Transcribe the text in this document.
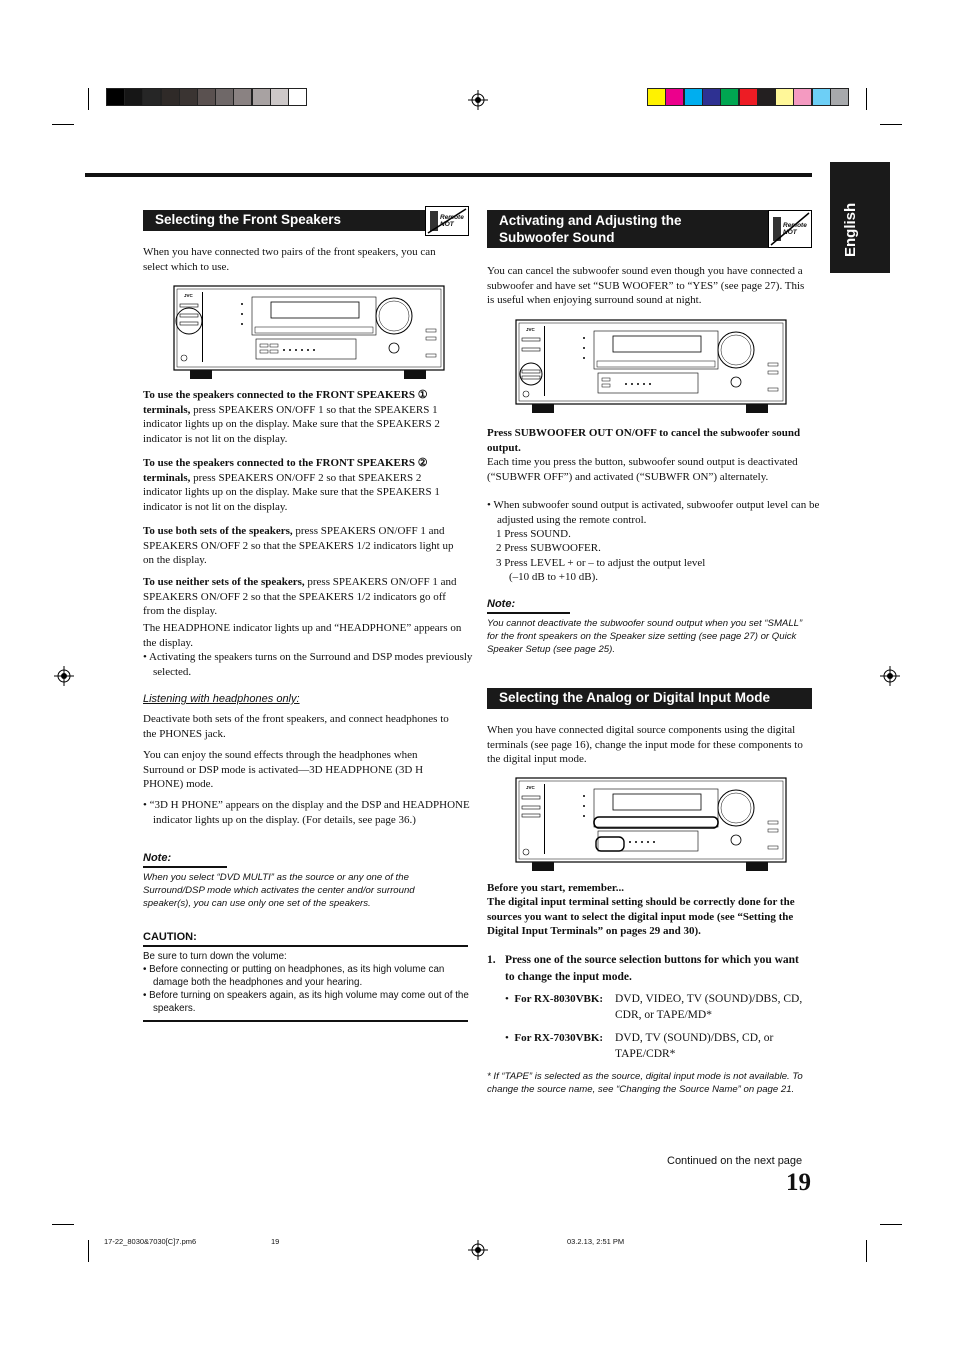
English
Selecting the Front Speakers	Remote
NOT

When you have connected two pairs of the front speakers, you can select which to use.

JVC

To use the speakers connected to the FRONT SPEAKERS ① terminals, press SPEAKERS ON/OFF 1 so that the SPEAKERS 1 indicator lights up on the display. Make sure that the SPEAKERS 2 indicator is not lit on the display.

To use the speakers connected to the FRONT SPEAKERS ② terminals, press SPEAKERS ON/OFF 2 so that SPEAKERS 2 indicator lights up on the display. Make sure that the SPEAKERS 1 indicator is not lit on the display.

To use both sets of the speakers, press SPEAKERS ON/OFF 1 and SPEAKERS ON/OFF 2 so that the SPEAKERS 1/2 indicators light up on the display.

To use neither sets of the speakers, press SPEAKERS ON/OFF 1 and SPEAKERS ON/OFF 2 so that the SPEAKERS 1/2 indicators go off from the display.

The HEADPHONE indicator lights up and “HEADPHONE” appears on the display.

• Activating the speakers turns on the Surround and DSP modes previously selected.

Listening with headphones only:

Deactivate both sets of the front speakers, and connect headphones to the PHONES jack.

You can enjoy the sound effects through the headphones when Surround or DSP mode is activated—3D HEADPHONE (3D H PHONE) mode.

• “3D H PHONE” appears on the display and the DSP and HEADPHONE indicator lights up on the display. (For details, see page 36.)

Note:

When you select “DVD MULTI” as the source or any one of the Surround/DSP mode which activates the center and/or surround speaker(s), you can use only one set of the speakers.

CAUTION:

Be sure to turn down the volume:

• Before connecting or putting on headphones, as its high volume can damage both the headphones and your hearing.

• Before turning on speakers again, as its high volume may come out of the speakers.

Activating and Adjusting the
Subwoofer Sound
Remote
NOT

You can cancel the subwoofer sound even though you have connected a subwoofer and have set “SUB WOOFER” to “YES” (see page 27). This is useful when enjoying surround sound at night.

JVC

Press SUBWOOFER OUT ON/OFF to cancel the subwoofer sound output.

Each time you press the button, subwoofer sound output is deactivated (“SUBWFR OFF”) and activated (“SUBWFR ON”) alternately.

• When subwoofer sound output is activated, subwoofer output level can be adjusted using the remote control.

1 Press SOUND.

2 Press SUBWOOFER.

3 Press LEVEL + or – to adjust the output level

(–10 dB to +10 dB).

Note:

You cannot deactivate the subwoofer sound output when you set “SMALL” for the front speakers on the Speaker size setting (see page 27) or Quick Speaker Setup (see page 25).

Selecting the Analog or Digital Input Mode

When you have connected digital source components using the digital terminals (see page 16), change the input mode for these components to the digital input mode.

JVC

Before you start, remember...

The digital input terminal setting should be correctly done for the sources you want to select the digital input mode (see “Setting the Digital Input Terminals” on pages 29 and 30).

1. Press one of the source selection buttons for which you want to change the input mode.

•  For RX-8030VBK: DVD, VIDEO, TV (SOUND)/DBS, CD, CDR, or TAPE/MD*

•  For RX-7030VBK: DVD, TV (SOUND)/DBS, CD, or TAPE/CDR*

* If “TAPE” is selected as the source, digital input mode is not available. To change the source name, see “Changing the Source Name” on page 21.

Continued on the next page

19

17-22_8030&7030[C]7.pm6	19	03.2.13, 2:51 PM
